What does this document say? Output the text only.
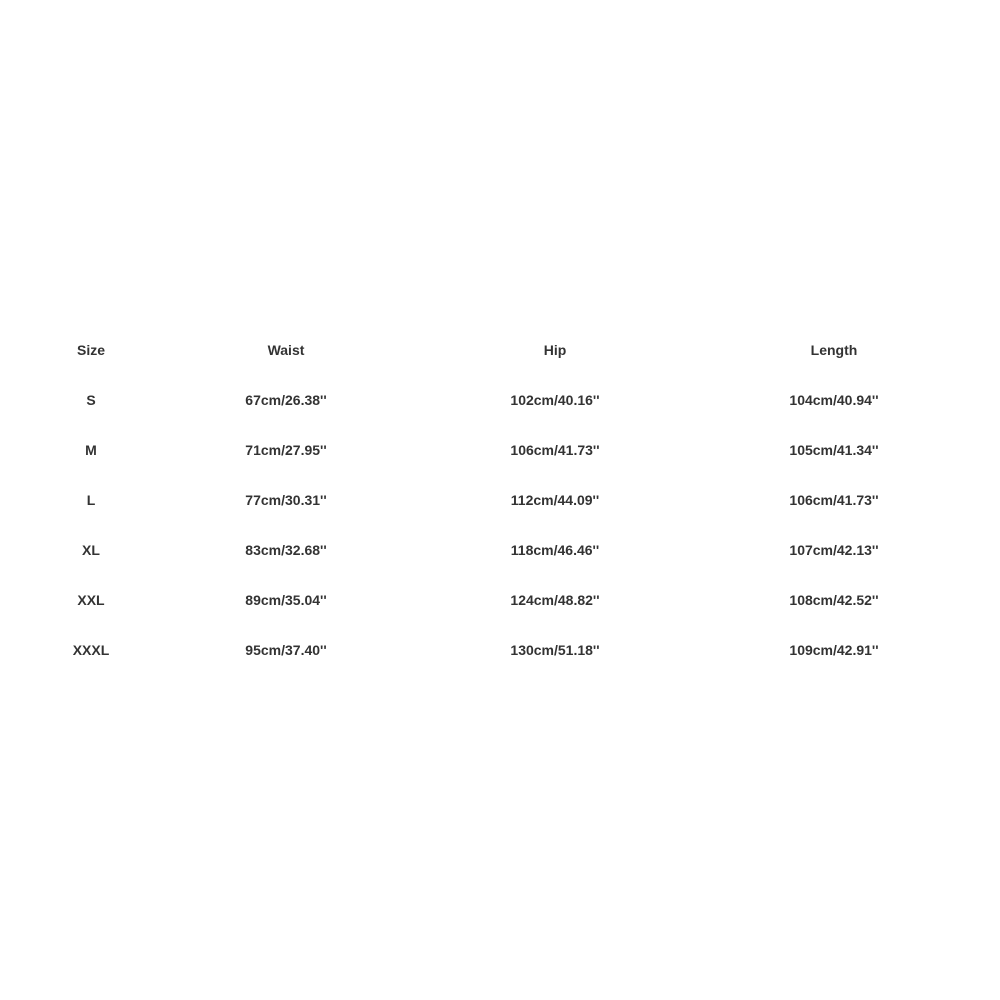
Size	Waist	Hip	Length
S	67cm/26.38''	102cm/40.16''	104cm/40.94''
M	71cm/27.95''	106cm/41.73''	105cm/41.34''
L	77cm/30.31''	112cm/44.09''	106cm/41.73''
XL	83cm/32.68''	118cm/46.46''	107cm/42.13''
XXL	89cm/35.04''	124cm/48.82''	108cm/42.52''
XXXL	95cm/37.40''	130cm/51.18''	109cm/42.91''
